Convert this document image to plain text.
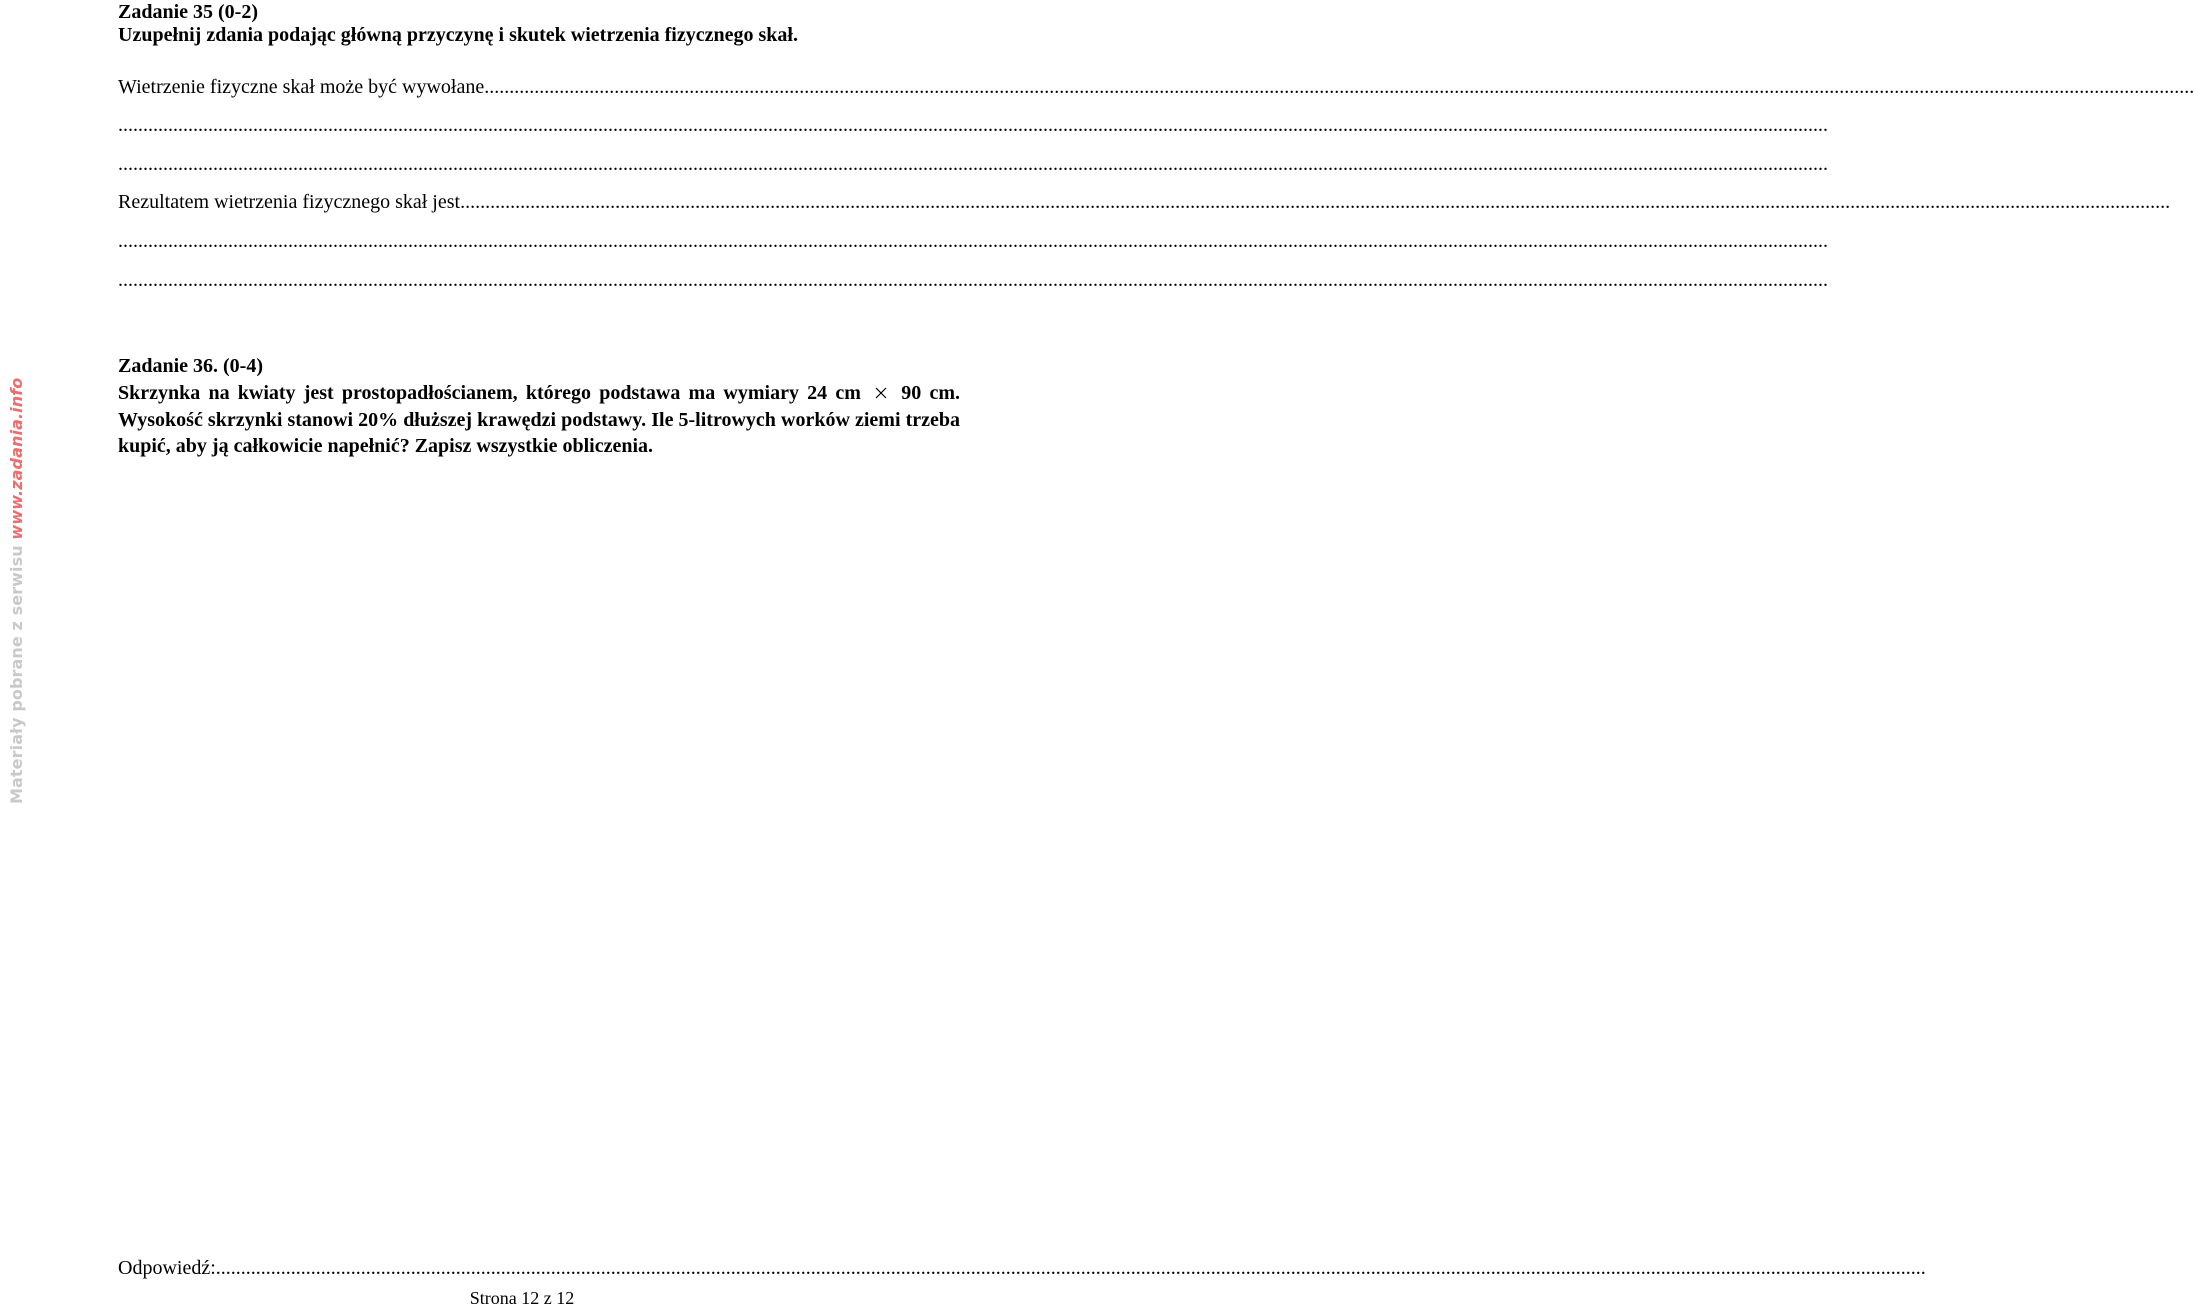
Materiały pobrane z serwisu www.zadania.info
Zadanie 35 (0-2)
Uzupełnij zdania podając główną przyczynę i skutek wietrzenia fizycznego skał.
Wietrzenie fizyczne skał może być wywołane ......................................................................................................................................................................................................................................................................................................................................................
......................................................................................................................................................................................................................................................................................................................................................
......................................................................................................................................................................................................................................................................................................................................................
Rezultatem wietrzenia fizycznego skał jest ......................................................................................................................................................................................................................................................................................................................................................
......................................................................................................................................................................................................................................................................................................................................................
......................................................................................................................................................................................................................................................................................................................................................
Zadanie 36. (0-4)
Skrzynka na kwiaty jest prostopadłościanem, którego podstawa ma wymiary 24 cm 90 cm. Wysokość skrzynki stanowi 20% dłuższej krawędzi podstawy. Ile 5-litrowych worków ziemi trzeba kupić, aby ją całkowicie napełnić? Zapisz wszystkie obliczenia.
Odpowiedź: ......................................................................................................................................................................................................................................................................................................................................................
Strona 12 z 12
